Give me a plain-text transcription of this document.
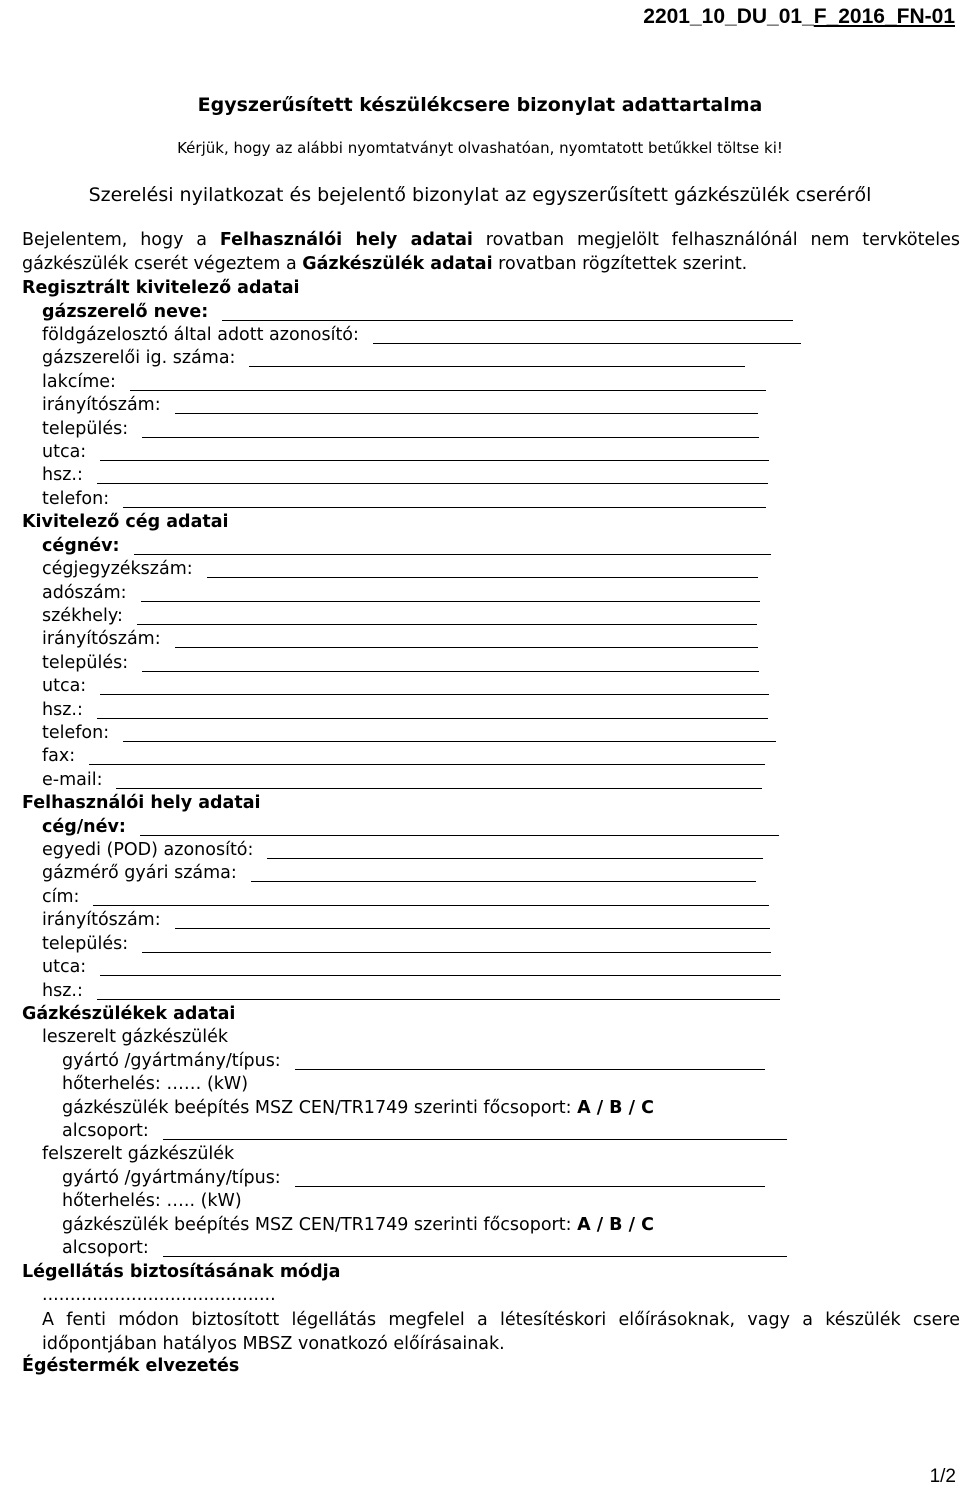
2201_10_DU_01_F_2016_FN-01
Egyszerűsített készülékcsere bizonylat adattartalma
Kérjük, hogy az alábbi nyomtatványt olvashatóan, nyomtatott betűkkel töltse ki!
Szerelési nyilatkozat és bejelentő bizonylat az egyszerűsített gázkészülék cseréről
Bejelentem, hogy a Felhasználói hely adatai rovatban megjelölt felhasználónál nem tervköteles gázkészülék cserét végeztem a Gázkészülék adatai rovatban rögzítettek szerint.
Regisztrált kivitelező adatai
gázszerelő neve:
földgázelosztó által adott azonosító:
gázszerelői ig. száma:
lakcíme:
irányítószám:
település:
utca:
hsz.:
telefon:
Kivitelező cég adatai
cégnév:
cégjegyzékszám:
adószám:
székhely:
irányítószám:
település:
utca:
hsz.:
telefon:
fax:
e-mail:
Felhasználói hely adatai
cég/név:
egyedi (POD) azonosító:
gázmérő gyári száma:
cím:
irányítószám:
település:
utca:
hsz.:
Gázkészülékek adatai
leszerelt gázkészülék
gyártó /gyártmány/típus:
hőterhelés: …… (kW)
gázkészülék beépítés MSZ CEN/TR1749 szerinti főcsoport: A / B / C
alcsoport:
felszerelt gázkészülék
gyártó /gyártmány/típus:
hőterhelés: ….. (kW)
gázkészülék beépítés MSZ CEN/TR1749 szerinti főcsoport: A / B / C
alcsoport:
Légellátás biztosításának módja
..........................................
A fenti módon biztosított légellátás megfelel a létesítéskori előírásoknak, vagy a készülék csere időpontjában hatályos MBSZ vonatkozó előírásainak.
Égéstermék elvezetés
1/2
